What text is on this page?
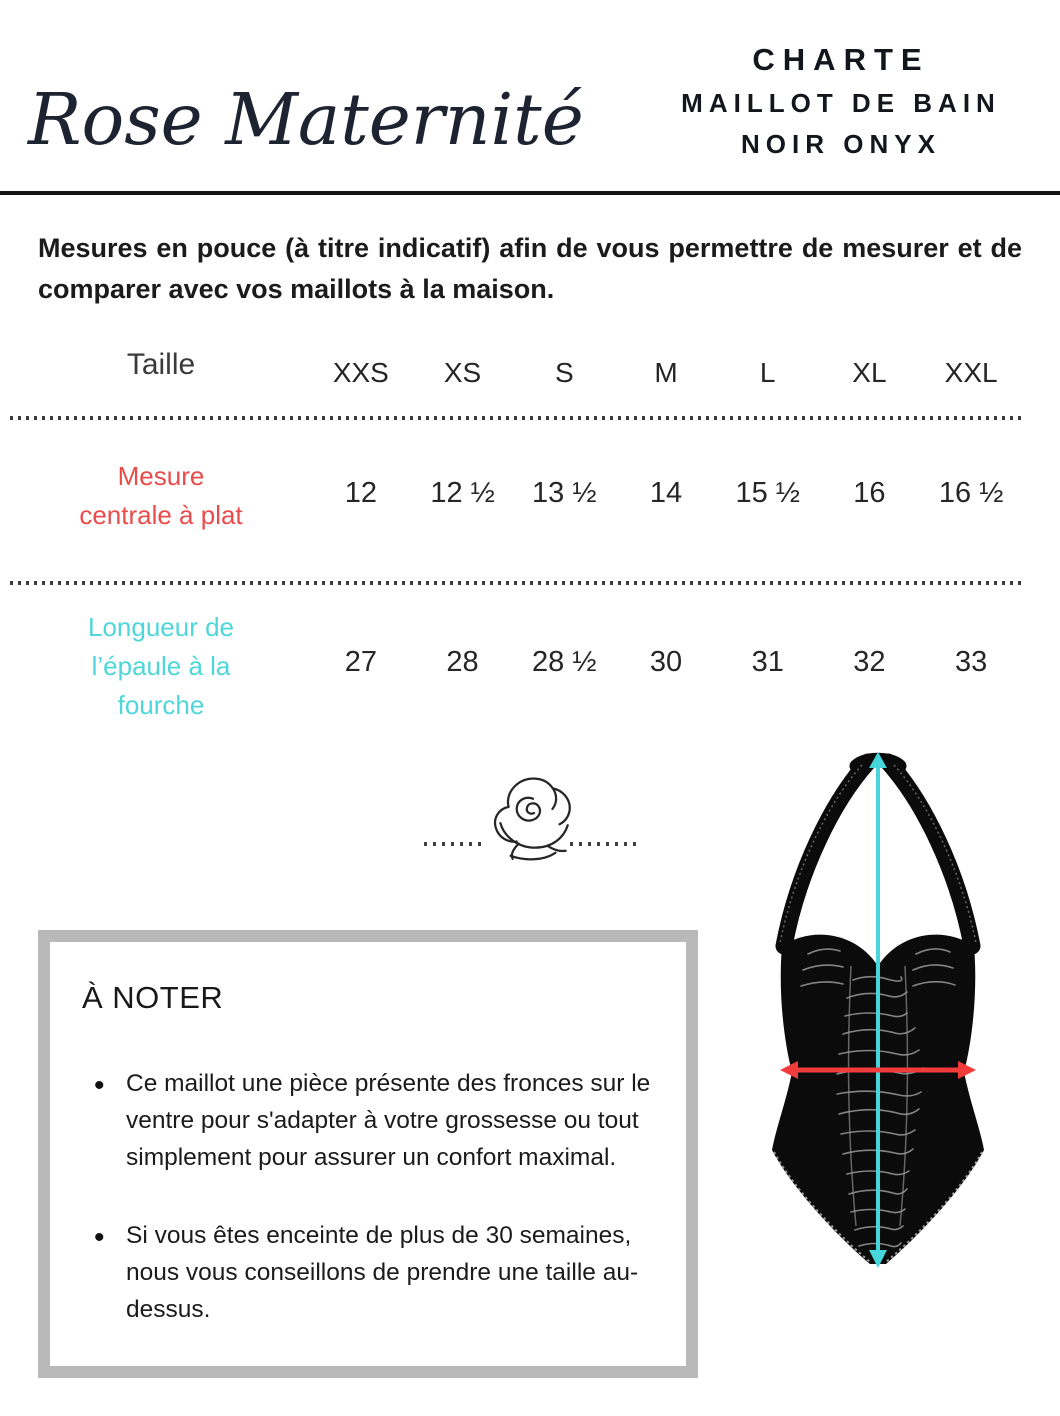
Rose Maternité
CHARTE
MAILLOT DE BAIN
NOIR ONYX
Mesures en pouce (à titre indicatif) afin de vous permettre de mesurer et de comparer avec vos maillots à la maison.
Taille	XXS	XS	S	M	L	XL	XXL
Mesure
centrale à plat
12	12 ½	13 ½	14	15 ½	16	16 ½
Longueur de
l’épaule à la
fourche
27	28	28 ½	30	31	32	33
À NOTER
• Ce maillot une pièce présente des fronces sur le ventre pour s'adapter à votre grossesse ou tout simplement pour assurer un confort maximal.
• Si vous êtes enceinte de plus de 30 semaines, nous vous conseillons de prendre une taille au-dessus.
